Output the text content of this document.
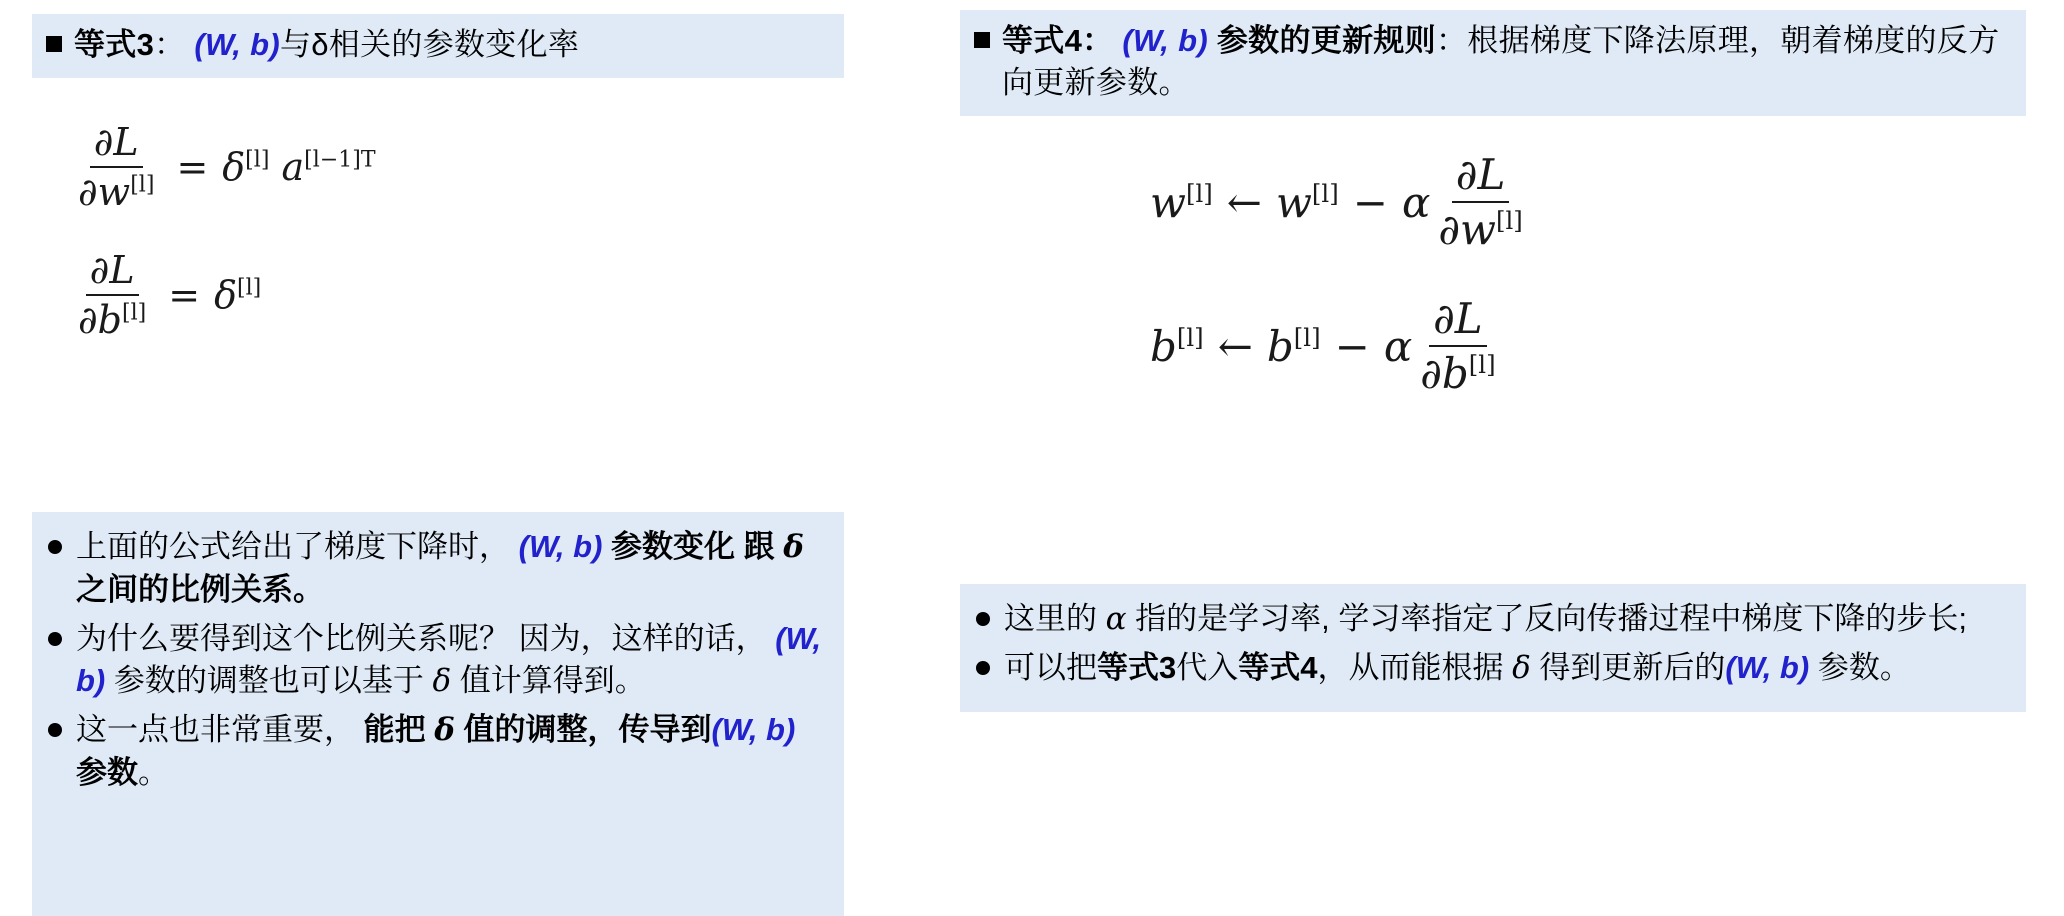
等式3： (W, b)与δ相关的参数变化率
$\frac{\partial L}{\partial w^{[l]}} = \delta[l]$ $a^{[l-1]T}$
$\frac{\partial L}{\partial b^{[l]}} = \delta[l]$
上面的公式给出了梯度下降时， (W, b) 参数变化 跟 δ 之间的比例关系。
为什么要得到这个比例关系呢？ 因为，这样的话， (W, b) 参数的调整也可以基于 δ 值计算得到。
这一点也非常重要， 能把 δ 值的调整，传导到(W, b) 参数。
等式4： (W, b) 参数的更新规则：根据梯度下降法原理，朝着梯度的反方向更新参数。
w[l] ← w[l] − α $\frac{\partial L}{\partial w^{[l]}}$
b[l] ← b[l] − α $\frac{\partial L}{\partial b^{[l]}}$
这里的 α 指的是学习率, 学习率指定了反向传播过程中梯度下降的步长;
可以把等式3代入等式4，从而能根据 δ 得到更新后的(W, b) 参数。
